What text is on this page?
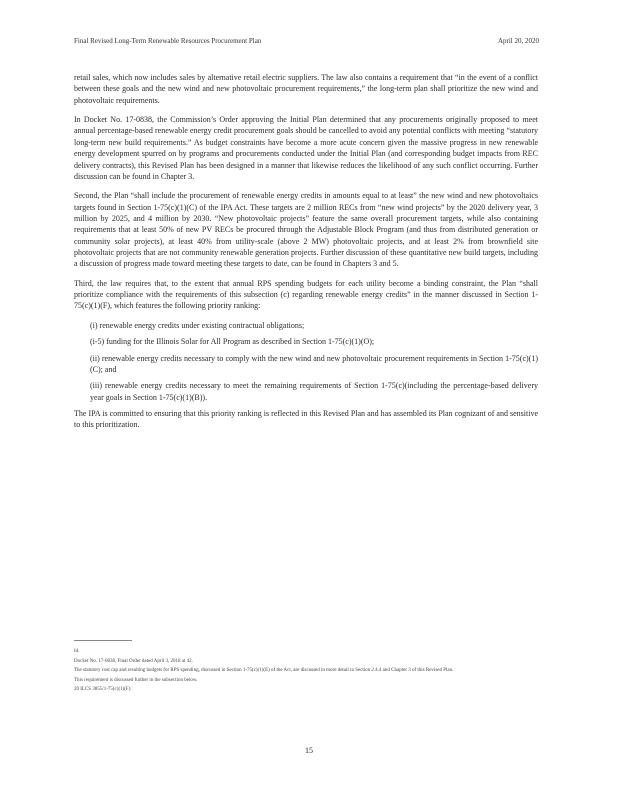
Final Revised Long-Term Renewable Resources Procurement Plan	April 20, 2020

retail sales, which now includes sales by alternative retail electric suppliers. The law also contains a requirement that “in the event of a conflict between these goals and the new wind and new photovoltaic procurement requirements,” the long-term plan shall prioritize the new wind and photovoltaic requirements.

In Docket No. 17-0838, the Commission’s Order approving the Initial Plan determined that any procurements originally proposed to meet annual percentage-based renewable energy credit procurement goals should be cancelled to avoid any potential conflicts with meeting “statutory long-term new build requirements.” As budget constraints have become a more acute concern given the massive progress in new renewable energy development spurred on by programs and procurements conducted under the Initial Plan (and corresponding budget impacts from REC delivery contracts), this Revised Plan has been designed in a manner that likewise reduces the likelihood of any such conflict occurring. Further discussion can be found in Chapter 3.

Second, the Plan “shall include the procurement of renewable energy credits in amounts equal to at least” the new wind and new photovoltaics targets found in Section 1-75(c)(1)(C) of the IPA Act. These targets are 2 million RECs from “new wind projects” by the 2020 delivery year, 3 million by 2025, and 4 million by 2030. “New photovoltaic projects” feature the same overall procurement targets, while also containing requirements that at least 50% of new PV RECs be procured through the Adjustable Block Program (and thus from distributed generation or community solar projects), at least 40% from utility-scale (above 2 MW) photovoltaic projects, and at least 2% from brownfield site photovoltaic projects that are not community renewable generation projects. Further discussion of these quantitative new build targets, including a discussion of progress made toward meeting these targets to date, can be found in Chapters 3 and 5.

Third, the law requires that, to the extent that annual RPS spending budgets for each utility become a binding constraint, the Plan “shall prioritize compliance with the requirements of this subsection (c) regarding renewable energy credits” in the manner discussed in Section 1-75(c)(1)(F), which features the following priority ranking:

(i) renewable energy credits under existing contractual obligations;

(i-5) funding for the Illinois Solar for All Program as described in Section 1-75(c)(1)(O);

(ii) renewable energy credits necessary to comply with the new wind and new photovoltaic procurement requirements in Section 1-75(c)(1)(C); and

(iii) renewable energy credits necessary to meet the remaining requirements of Section 1-75(c)(including the percentage-based delivery year goals in Section 1-75(c)(1)(B)).

The IPA is committed to ensuring that this priority ranking is reflected in this Revised Plan and has assembled its Plan cognizant of and sensitive to this prioritization.

Id.
Docket No. 17-0838, Final Order dated April 3, 2018 at 42.
The statutory cost cap and resulting budgets for RPS spending, discussed in Section 1-75(c)(1)(E) of the Act, are discussed in more detail in Section 2.4.4 and Chapter 3 of this Revised Plan.
This requirement is discussed further in the subsection below.
20 ILCS 3855/1-75(c)(1)(F).
15
